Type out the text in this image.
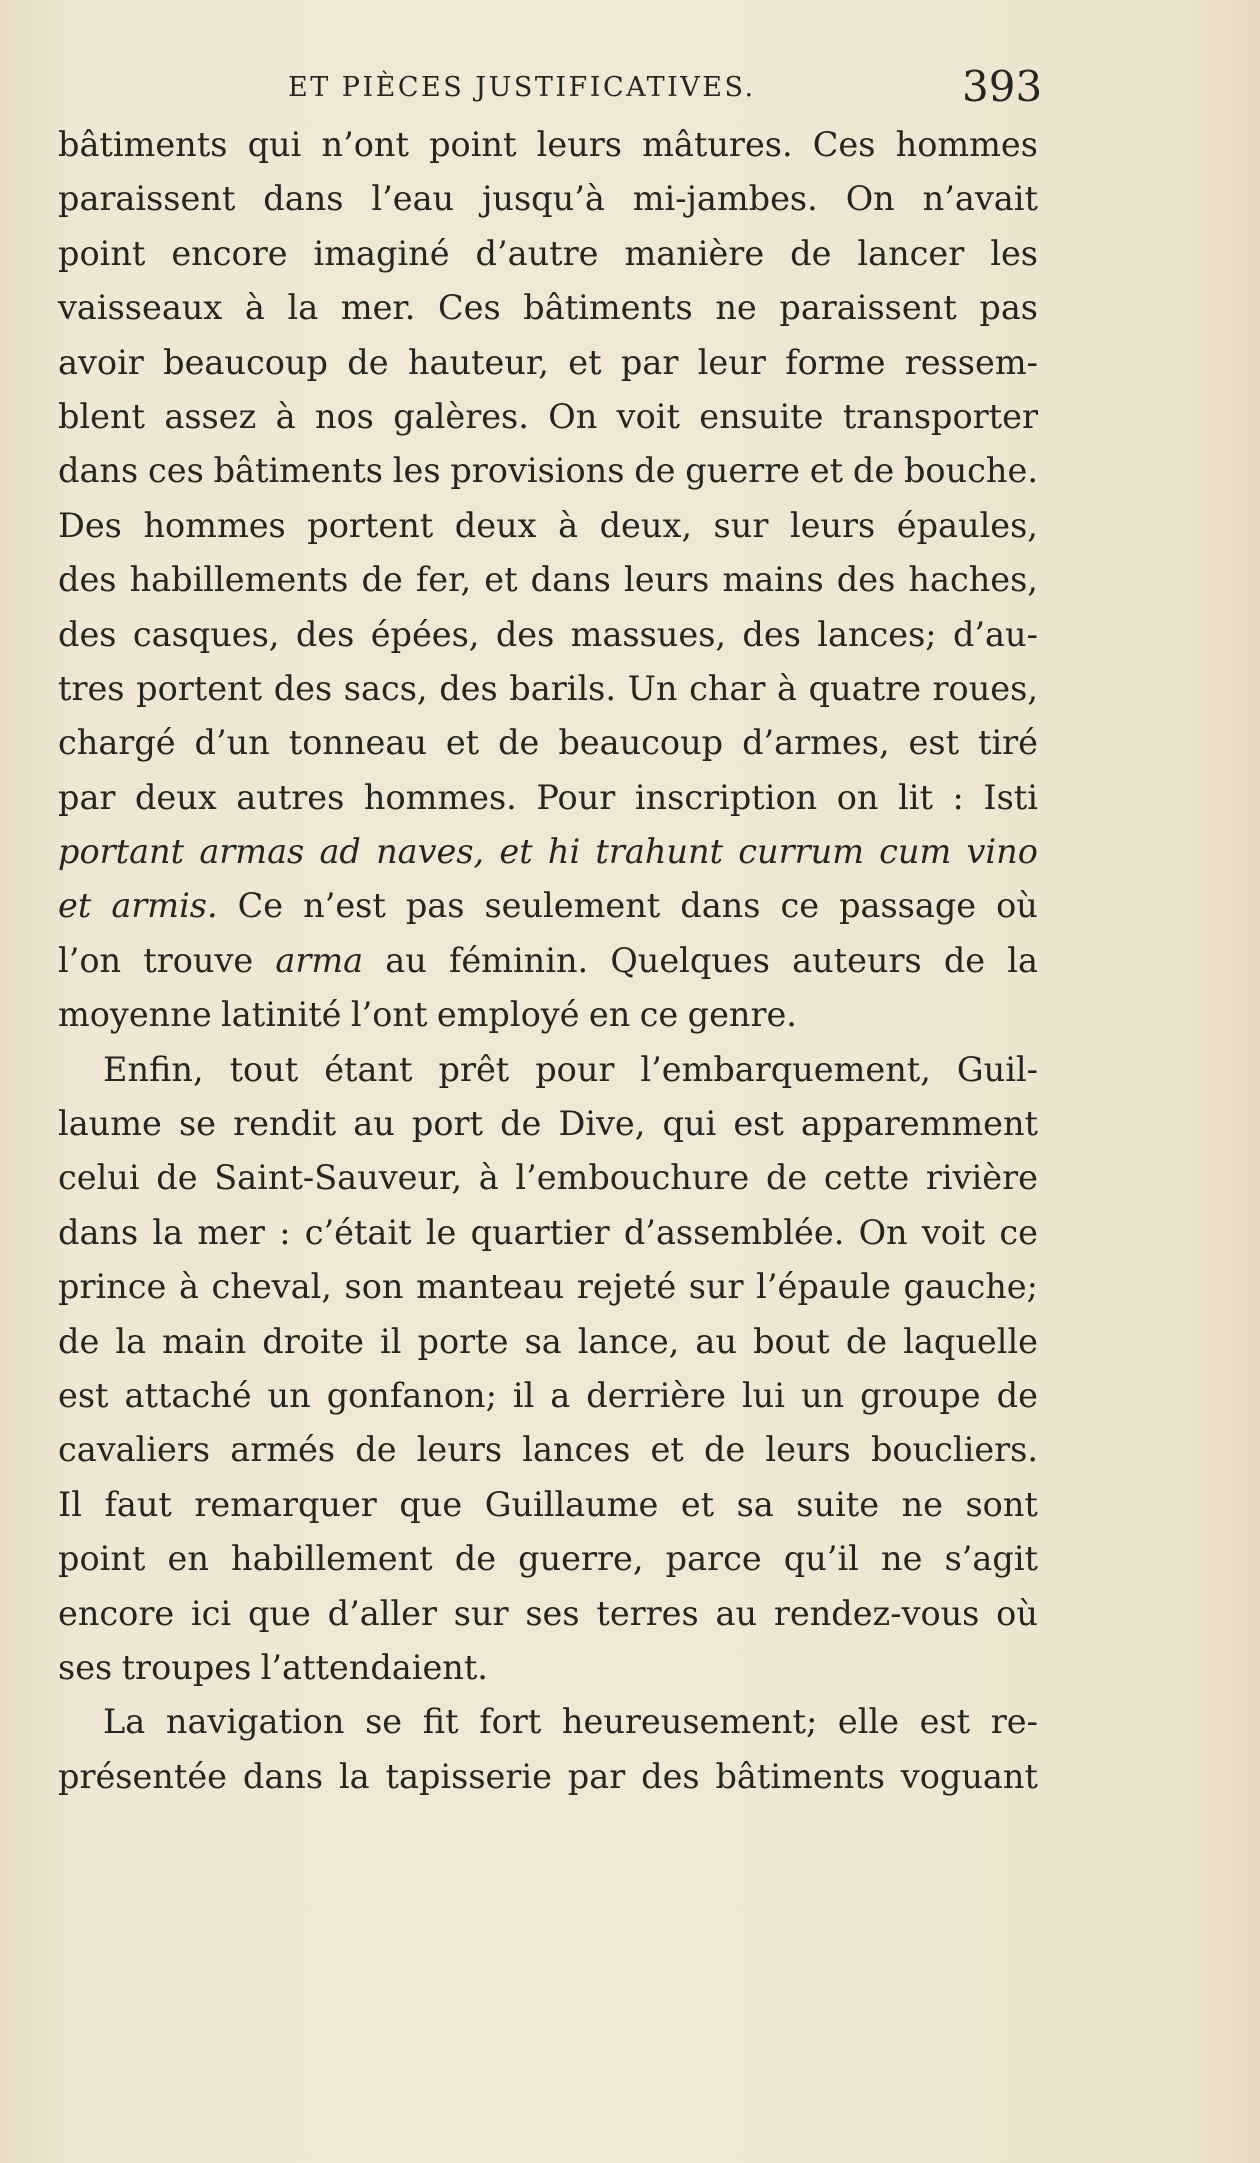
ET PIÈCES JUSTIFICATIVES.	393
bâtiments qui n’ont point leurs mâtures. Ces hommes
paraissent dans l’eau jusqu’à mi-jambes. On n’avait
point encore imaginé d’autre manière de lancer les
vaisseaux à la mer. Ces bâtiments ne paraissent pas
avoir beaucoup de hauteur, et par leur forme ressem-
blent assez à nos galères. On voit ensuite transporter
dans ces bâtiments les provisions de guerre et de bouche.
Des hommes portent deux à deux, sur leurs épaules,
des habillements de fer, et dans leurs mains des haches,
des casques, des épées, des massues, des lances; d’au-
tres portent des sacs, des barils. Un char à quatre roues,
chargé d’un tonneau et de beaucoup d’armes, est tiré
par deux autres hommes. Pour inscription on lit : Isti
portant armas ad naves, et hi trahunt currum cum vino
et armis. Ce n’est pas seulement dans ce passage où
l’on trouve arma au féminin. Quelques auteurs de la
moyenne latinité l’ont employé en ce genre.
Enfin, tout étant prêt pour l’embarquement, Guil-
laume se rendit au port de Dive, qui est apparemment
celui de Saint-Sauveur, à l’embouchure de cette rivière
dans la mer : c’était le quartier d’assemblée. On voit ce
prince à cheval, son manteau rejeté sur l’épaule gauche;
de la main droite il porte sa lance, au bout de laquelle
est attaché un gonfanon; il a derrière lui un groupe de
cavaliers armés de leurs lances et de leurs boucliers.
Il faut remarquer que Guillaume et sa suite ne sont
point en habillement de guerre, parce qu’il ne s’agit
encore ici que d’aller sur ses terres au rendez-vous où
ses troupes l’attendaient.
La navigation se fit fort heureusement; elle est re-
présentée dans la tapisserie par des bâtiments voguant
